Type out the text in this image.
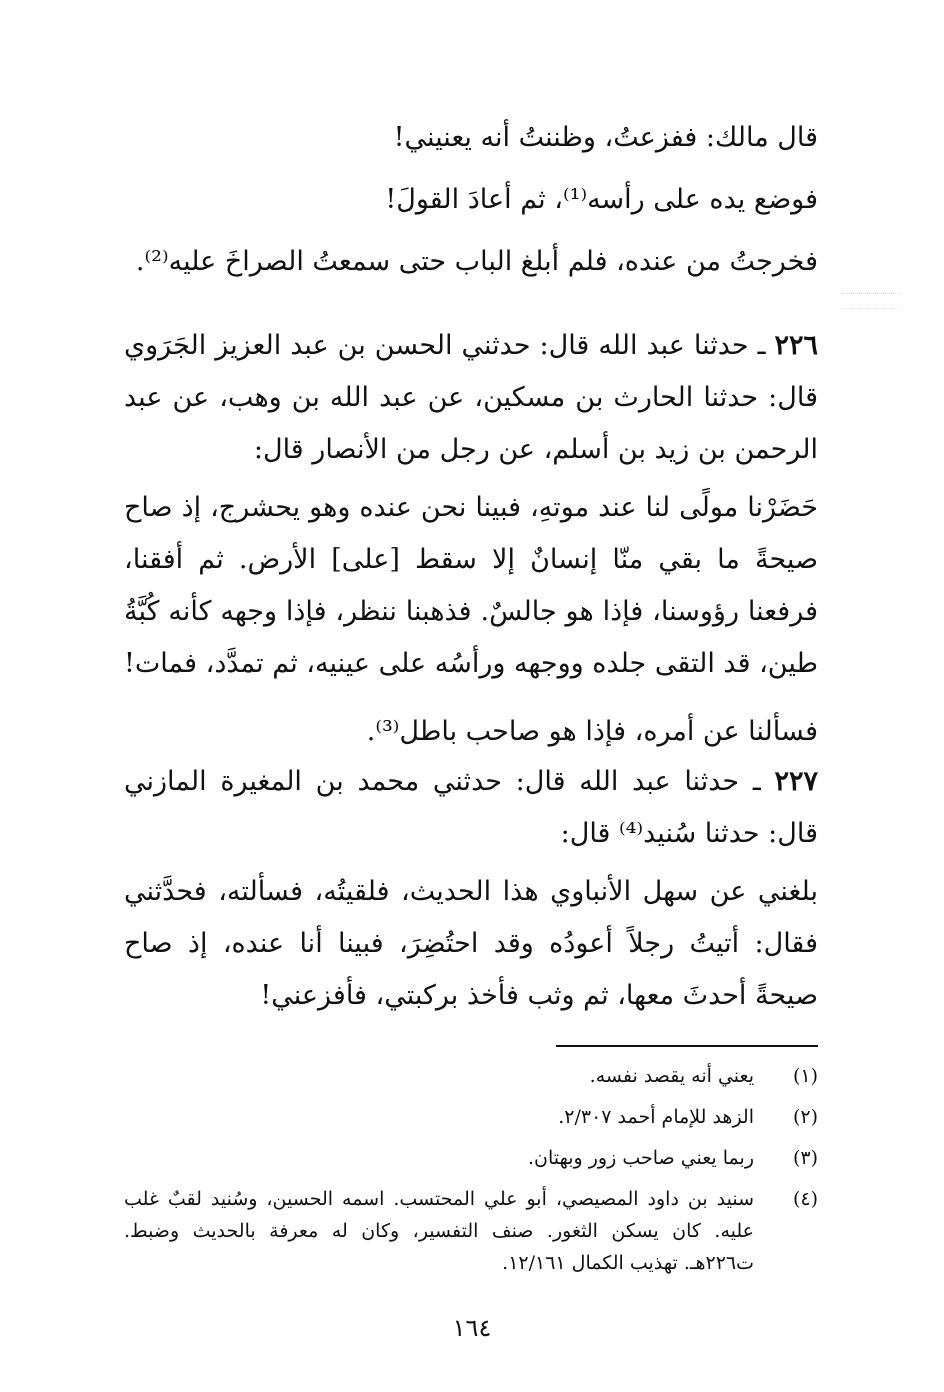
قال مالك: ففزعتُ، وظننتُ أنه يعنيني!

فوضع يده على رأسه⁽¹⁾، ثم أعادَ القولَ!

فخرجتُ من عنده، فلم أبلغ الباب حتى سمعتُ الصراخَ عليه⁽²⁾.

٢٢٦ ـ حدثنا عبد الله قال: حدثني الحسن بن عبد العزيز الجَرَوي قال: حدثنا الحارث بن مسكين، عن عبد الله بن وهب، عن عبد الرحمن بن زيد بن أسلم، عن رجل من الأنصار قال:

حَضَرْنا مولًى لنا عند موتهِ، فبينا نحن عنده وهو يحشرج، إذ صاح صيحةً ما بقي منّا إنسانٌ إلا سقط [على] الأرض. ثم أفقنا، فرفعنا رؤوسنا، فإذا هو جالسٌ. فذهبنا ننظر، فإذا وجهه كأنه كُبَّةُ طين، قد التقى جلده ووجهه ورأسُه على عينيه، ثم تمدَّد، فمات!

فسألنا عن أمره، فإذا هو صاحب باطل⁽³⁾.

٢٢٧ ـ حدثنا عبد الله قال: حدثني محمد بن المغيرة المازني قال: حدثنا سُنيد⁽⁴⁾ قال:

بلغني عن سهل الأنباوي هذا الحديث، فلقيتُه، فسألته، فحدَّثني فقال: أتيتُ رجلاً أعودُه وقد احتُضِرَ، فبينا أنا عنده، إذ صاح صيحةً أحدثَ معها، ثم وثب فأخذ بركبتي، فأفزعني!

(١)
يعني أنه يقصد نفسه.
(٢)
الزهد للإمام أحمد ٢/٣٠٧.
(٣)
ربما يعني صاحب زور وبهتان.
(٤)
سنيد بن داود المصيصي، أبو علي المحتسب. اسمه الحسين، وسُنيد لقبٌ غلب عليه. كان يسكن الثغور. صنف التفسير، وكان له معرفة بالحديث وضبط. ت٢٢٦هـ. تهذيب الكمال ١٢/١٦١.
١٦٤
